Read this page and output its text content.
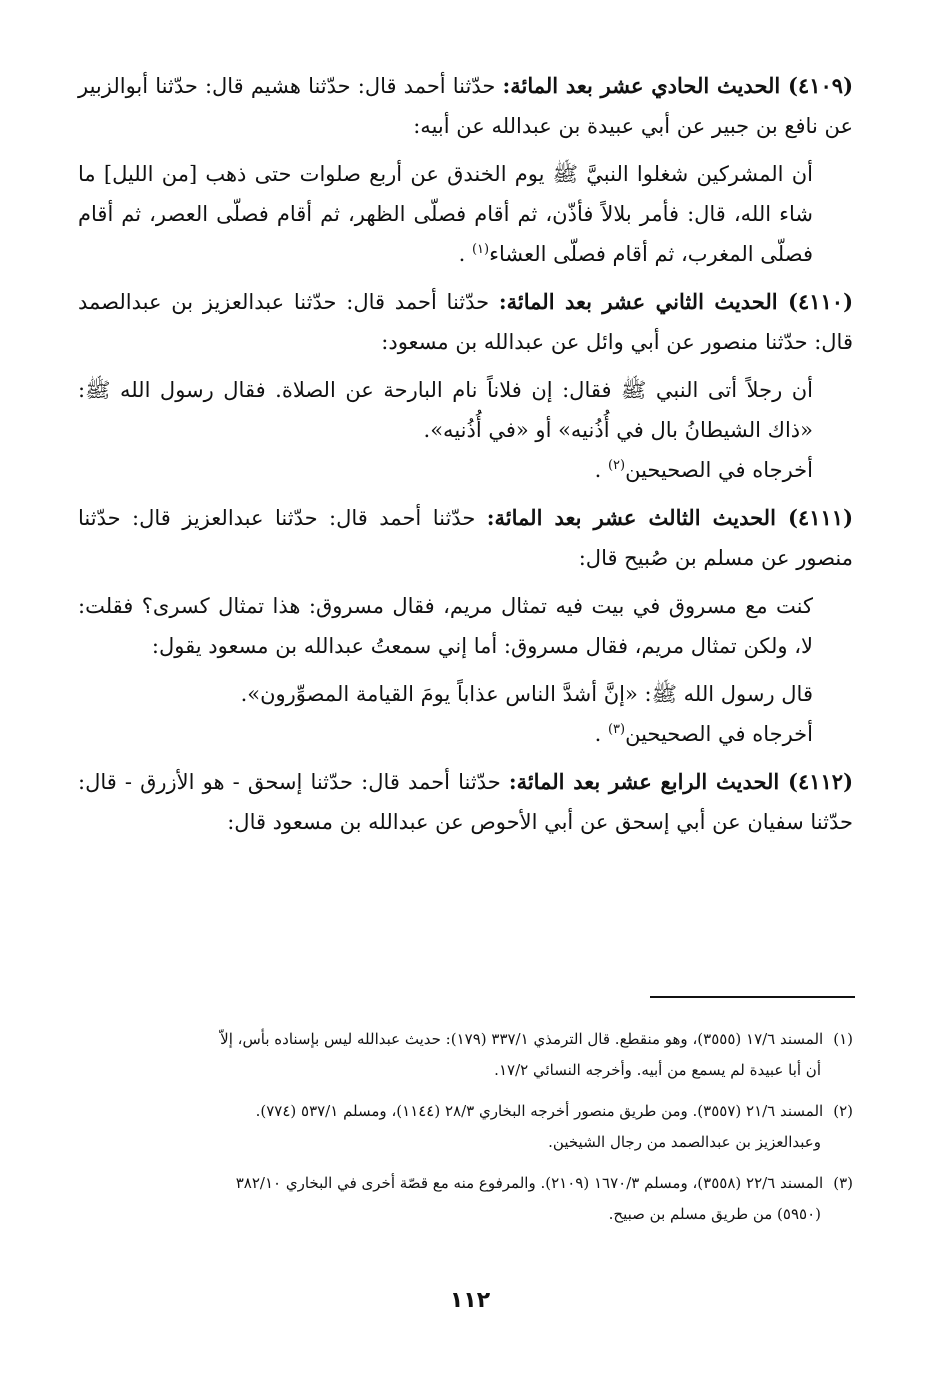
(٤١٠٩) الحديث الحادي عشر بعد المائة: حدّثنا أحمد قال: حدّثنا هشيم قال: حدّثنا أبوالزبير عن نافع بن جبير عن أبي عبيدة بن عبدالله عن أبيه:

أن المشركين شغلوا النبيَّ ﷺ يوم الخندق عن أربع صلوات حتى ذهب [من الليل] ما شاء الله، قال: فأمر بلالاً فأذّن، ثم أقام فصلّى الظهر، ثم أقام فصلّى العصر، ثم أقام فصلّى المغرب، ثم أقام فصلّى العشاء$^{(١)}$ .

(٤١١٠) الحديث الثاني عشر بعد المائة: حدّثنا أحمد قال: حدّثنا عبدالعزيز بن عبدالصمد قال: حدّثنا منصور عن أبي وائل عن عبدالله بن مسعود:

أن رجلاً أتى النبي ﷺ فقال: إن فلاناً نام البارحة عن الصلاة. فقال رسول الله ﷺ: «ذاك الشيطانُ بال في أُذُنيه» أو «في أُذُنيه».

أخرجاه في الصحيحين$^{(٢)}$ .

(٤١١١) الحديث الثالث عشر بعد المائة: حدّثنا أحمد قال: حدّثنا عبدالعزيز قال: حدّثنا منصور عن مسلم بن صُبيح قال:

كنت مع مسروق في بيت فيه تمثال مريم، فقال مسروق: هذا تمثال كسرى؟ فقلت: لا، ولكن تمثال مريم، فقال مسروق: أما إني سمعتُ عبدالله بن مسعود يقول:

قال رسول الله ﷺ: «إنَّ أشدَّ الناس عذاباً يومَ القيامة المصوِّرون».

أخرجاه في الصحيحين$^{(٣)}$ .

(٤١١٢) الحديث الرابع عشر بعد المائة: حدّثنا أحمد قال: حدّثنا إسحق - هو الأزرق - قال: حدّثنا سفيان عن أبي إسحق عن أبي الأحوص عن عبدالله بن مسعود قال:

(١)المسند ١٧/٦ (٣٥٥٥)، وهو منقطع. قال الترمذي ٣٣٧/١ (١٧٩): حديث عبدالله ليس بإسناده بأس، إلاّ
أن أبا عبيدة لم يسمع من أبيه. وأخرجه النسائي ١٧/٢.

(٢)المسند ٢١/٦ (٣٥٥٧). ومن طريق منصور أخرجه البخاري ٢٨/٣ (١١٤٤)، ومسلم ٥٣٧/١ (٧٧٤).
وعبدالعزيز بن عبدالصمد من رجال الشيخين.

(٣)المسند ٢٢/٦ (٣٥٥٨)، ومسلم ١٦٧٠/٣ (٢١٠٩). والمرفوع منه مع قصّة أخرى في البخاري ٣٨٢/١٠
(٥٩٥٠) من طريق مسلم بن صبيح.

١١٢
